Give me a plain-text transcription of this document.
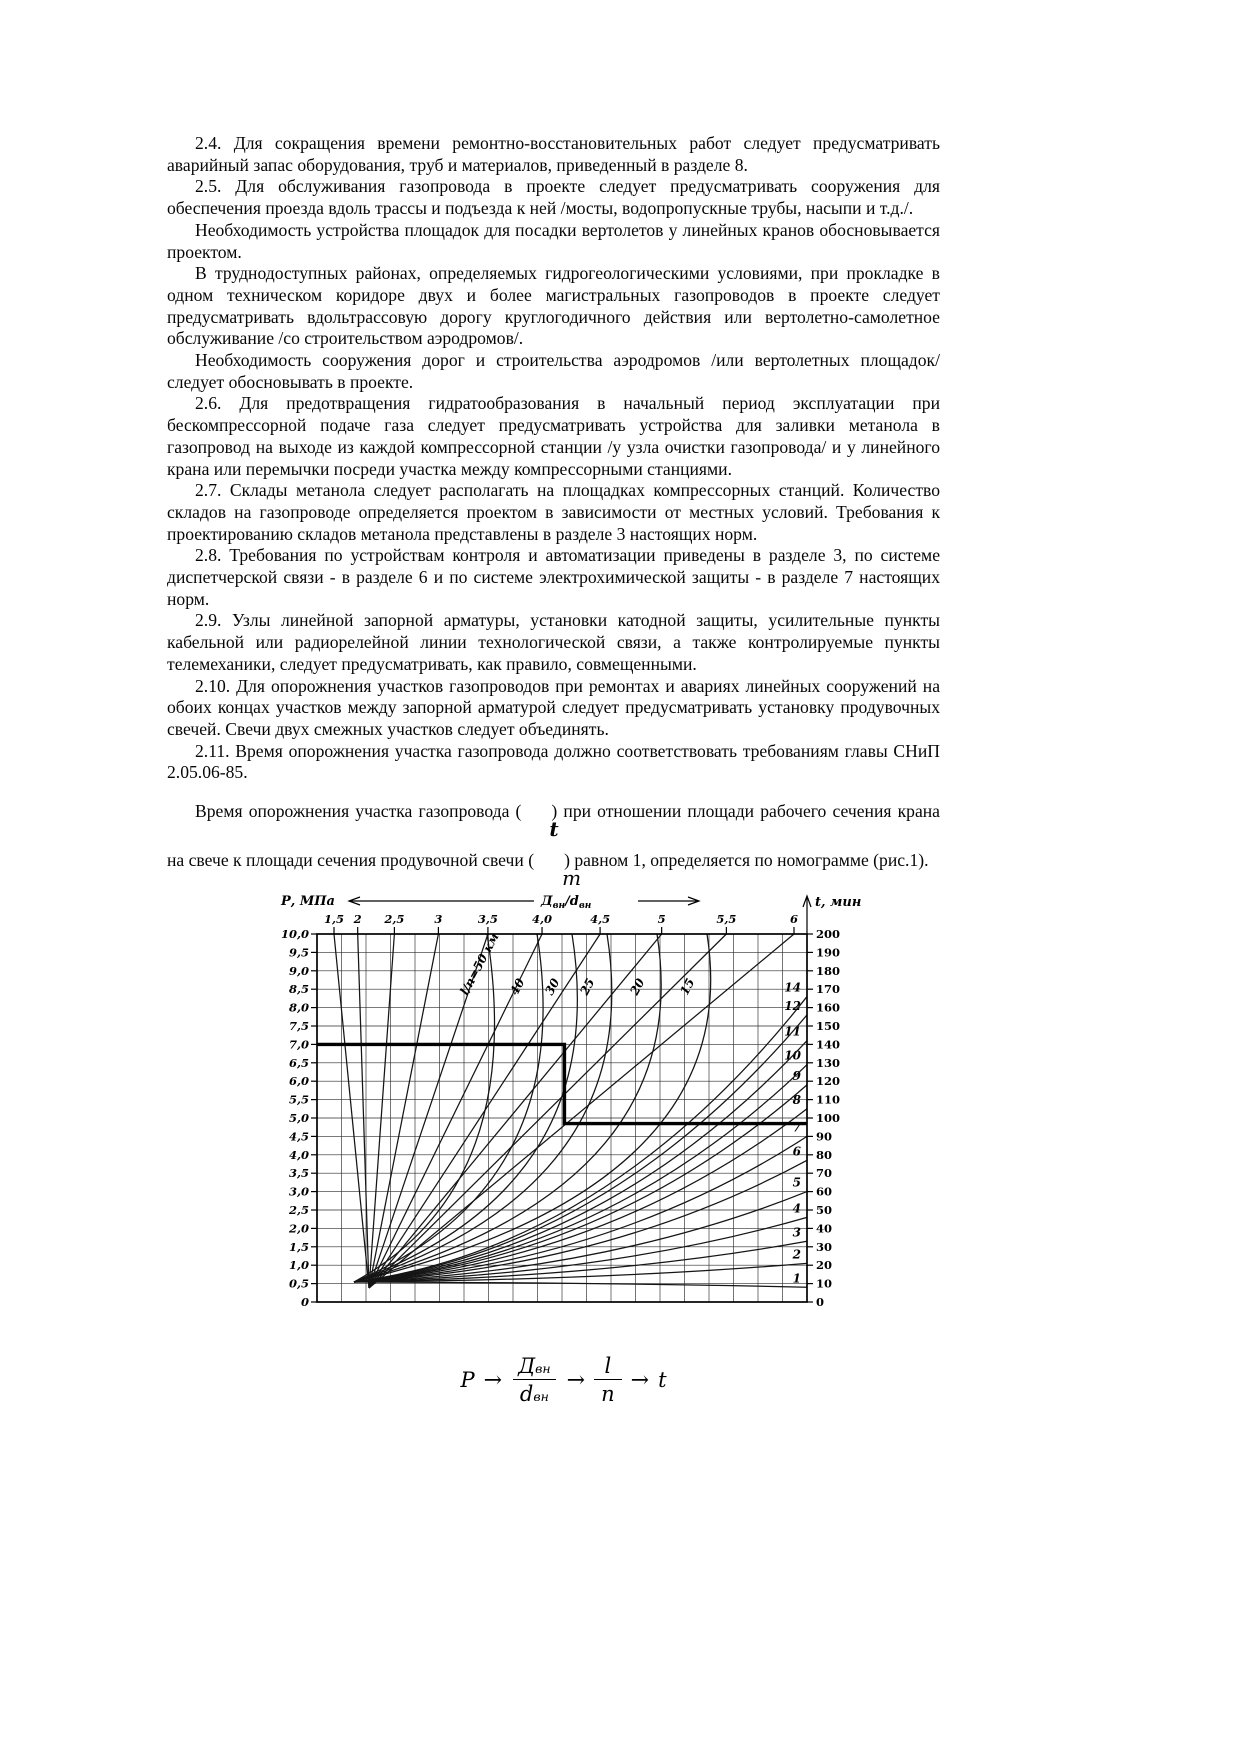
2.4. Для сокращения времени ремонтно-восстановительных работ следует предусматривать аварийный запас оборудования, труб и материалов, приведенный в разделе 8.

2.5. Для обслуживания газопровода в проекте следует предусматривать сооружения для обеспечения проезда вдоль трассы и подъезда к ней /мосты, водопропускные трубы, насыпи и т.д./.

Необходимость устройства площадок для посадки вертолетов у линейных кранов обосновывается проектом.

В труднодоступных районах, определяемых гидрогеологическими условиями, при прокладке в одном техническом коридоре двух и более магистральных газопроводов в проекте следует предусматривать вдольтрассовую дорогу круглогодичного действия или вертолетно-самолетное обслуживание /со строительством аэродромов/.

Необходимость сооружения дорог и строительства аэродромов /или вертолетных площадок/ следует обосновывать в проекте.

2.6. Для предотвращения гидратообразования в начальный период эксплуатации при бескомпрессорной подаче газа следует предусматривать устройства для заливки метанола в газопровод на выходе из каждой компрессорной станции /у узла очистки газопровода/ и у линейного крана или перемычки посреди участка между компрессорными станциями.

2.7. Склады метанола следует располагать на площадках компрессорных станций. Количество складов на газопроводе определяется проектом в зависимости от местных условий. Требования к проектированию складов метанола представлены в разделе 3 настоящих норм.

2.8. Требования по устройствам контроля и автоматизации приведены в разделе 3, по системе диспетчерской связи - в разделе 6 и по системе электрохимической защиты - в разделе 7 настоящих норм.

2.9. Узлы линейной запорной арматуры, установки катодной защиты, усилительные пункты кабельной или радиорелейной линии технологической связи, а также контролируемые пункты телемеханики, следует предусматривать, как правило, совмещенными.

2.10. Для опорожнения участков газопроводов при ремонтах и авариях линейных сооружений на обоих концах участков между запорной арматурой следует предусматривать установку продувочных свечей. Свечи двух смежных участков следует объединять.

2.11. Время опорожнения участка газопровода должно соответствовать требованиям главы СНиП 2.05.06-85.

Время опорожнения участка газопровода (t) при отношении площади рабочего сечения крана на свече к площади сечения продувочной свечи (m) равном 1, определяется по номограмме (рис.1).

1
2
3
4
5
6
7
8
9
10
11
12
14
15
20
25
30
40
l/n=50 км
10,0
9,5
9,0
8,5
8,0
7,5
7,0
6,5
6,0
5,5
5,0
4,5
4,0
3,5
3,0
2,5
2,0
1,5
1,0
0,5
0
200
190
180
170
160
150
140
130
120
110
100
90
80
70
60
50
40
30
20
10
0
1,5 2 2,5	3	3,5	4,0	4,5	5	5,5	6
$Д_{вн}/d_{вн}$
Р, МПа	t, мин
$P \to \frac{\text{Двн}}{\text{dвн}} \to \frac{l}{n} \to t$
